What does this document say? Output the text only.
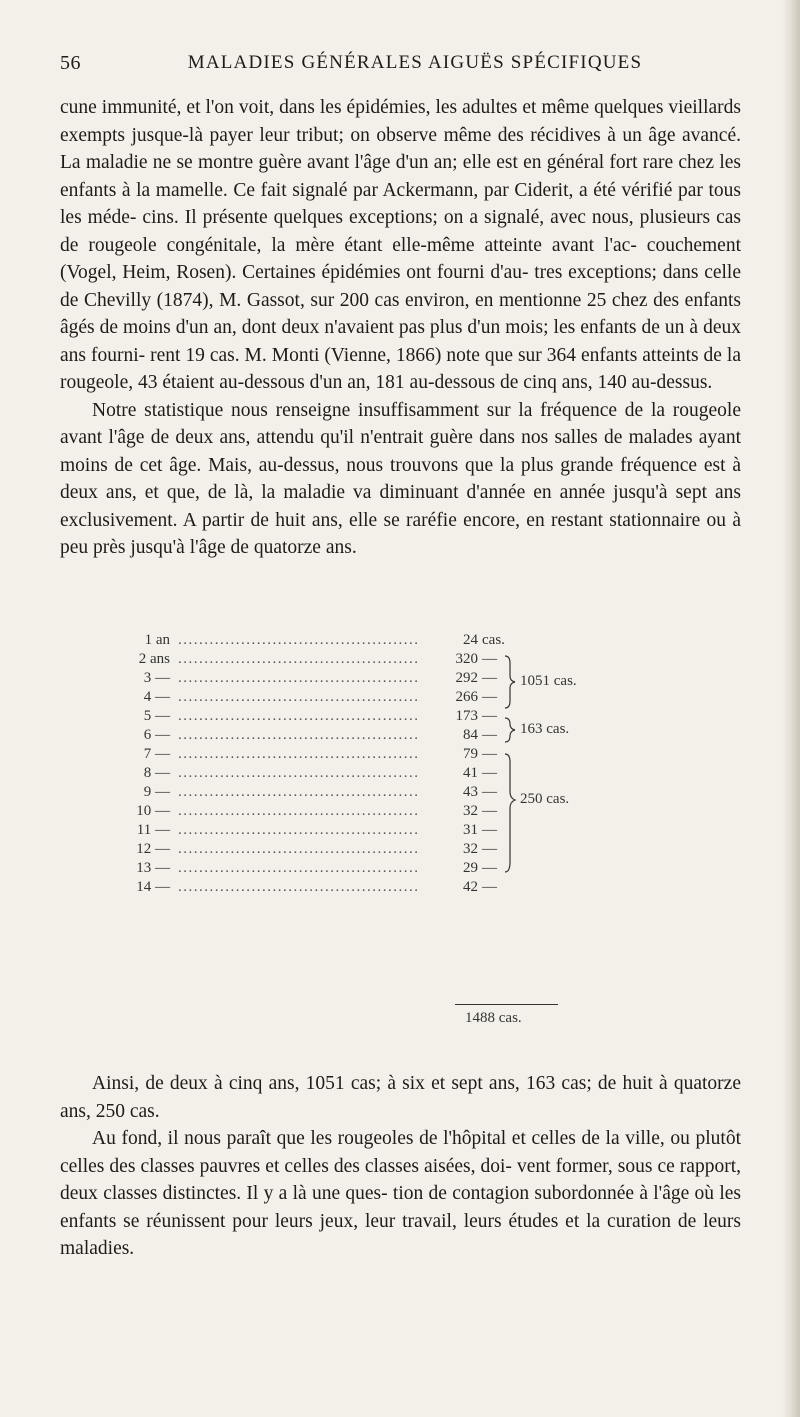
56	MALADIES GÉNÉRALES AIGUËS SPÉCIFIQUES

cune immunité, et l'on voit, dans les épidémies, les adultes et même quelques vieillards exempts jusque-là payer leur tribut; on observe même des récidives à un âge avancé. La maladie ne se montre guère avant l'âge d'un an; elle est en général fort rare chez les enfants à la mamelle. Ce fait signalé par Ackermann, par Ciderit, a été vérifié par tous les méde- cins. Il présente quelques exceptions; on a signalé, avec nous, plusieurs cas de rougeole congénitale, la mère étant elle-même atteinte avant l'ac- couchement (Vogel, Heim, Rosen). Certaines épidémies ont fourni d'au- tres exceptions; dans celle de Chevilly (1874), M. Gassot, sur 200 cas environ, en mentionne 25 chez des enfants âgés de moins d'un an, dont deux n'avaient pas plus d'un mois; les enfants de un à deux ans fourni- rent 19 cas. M. Monti (Vienne, 1866) note que sur 364 enfants atteints de la rougeole, 43 étaient au-dessous d'un an, 181 au-dessous de cinq ans, 140 au-dessus.

Notre statistique nous renseigne insuffisamment sur la fréquence de la rougeole avant l'âge de deux ans, attendu qu'il n'entrait guère dans nos salles de malades ayant moins de cet âge. Mais, au-dessus, nous trouvons que la plus grande fréquence est à deux ans, et que, de là, la maladie va diminuant d'année en année jusqu'à sept ans exclusivement. A partir de huit ans, elle se raréfie encore, en restant stationnaire ou à peu près jusqu'à l'âge de quatorze ans.

1 an ..............................................	24 cas.
2 ans ..............................................	320 —
3 — ..............................................	292 —
4 — ..............................................	266 —
5 — ..............................................	173 —
6 — ..............................................	84 —
7 — ..............................................	79 —
8 — ..............................................	41 —
9 — ..............................................	43 —
10 — ..............................................	32 —
11 — ..............................................	31 —
12 — ..............................................	32 —
13 — ..............................................	29 —
14 — ..............................................	42 —
1051 cas.
163 cas.
250 cas.
1488 cas.

Ainsi, de deux à cinq ans, 1051 cas; à six et sept ans, 163 cas; de huit à quatorze ans, 250 cas.

Au fond, il nous paraît que les rougeoles de l'hôpital et celles de la ville, ou plutôt celles des classes pauvres et celles des classes aisées, doi- vent former, sous ce rapport, deux classes distinctes. Il y a là une ques- tion de contagion subordonnée à l'âge où les enfants se réunissent pour leurs jeux, leur travail, leurs études et la curation de leurs maladies.
